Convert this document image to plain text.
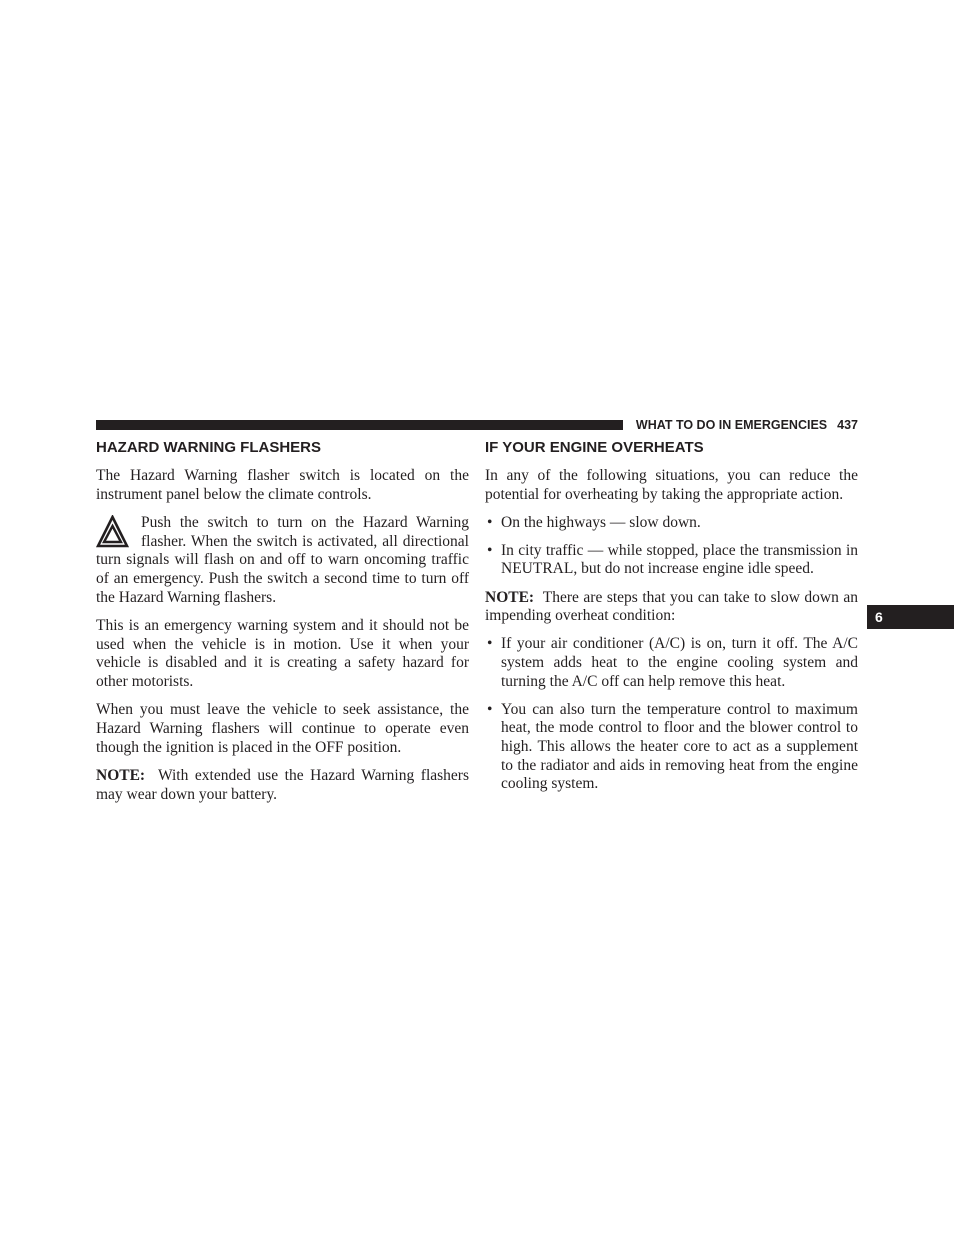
WHAT TO DO IN EMERGENCIES 437
6
HAZARD WARNING FLASHERS

The Hazard Warning flasher switch is located on the instrument panel below the climate controls.

Push the switch to turn on the Hazard Warning flasher. When the switch is activated, all directional turn signals will flash on and off to warn oncoming traffic of an emergency. Push the switch a second time to turn off the Hazard Warning flashers.

This is an emergency warning system and it should not be used when the vehicle is in motion. Use it when your vehicle is disabled and it is creating a safety hazard for other motorists.

When you must leave the vehicle to seek assistance, the Hazard Warning flashers will continue to operate even though the ignition is placed in the OFF position.

NOTE: With extended use the Hazard Warning flashers may wear down your battery.

IF YOUR ENGINE OVERHEATS

In any of the following situations, you can reduce the potential for overheating by taking the appropriate action.

• On the highways — slow down.
• In city traffic — while stopped, place the transmission in NEUTRAL, but do not increase engine idle speed.

NOTE: There are steps that you can take to slow down an impending overheat condition:

• If your air conditioner (A/C) is on, turn it off. The A/C system adds heat to the engine cooling system and turning the A/C off can help remove this heat.
• You can also turn the temperature control to maximum heat, the mode control to floor and the blower control to high. This allows the heater core to act as a supplement to the radiator and aids in removing heat from the engine cooling system.
